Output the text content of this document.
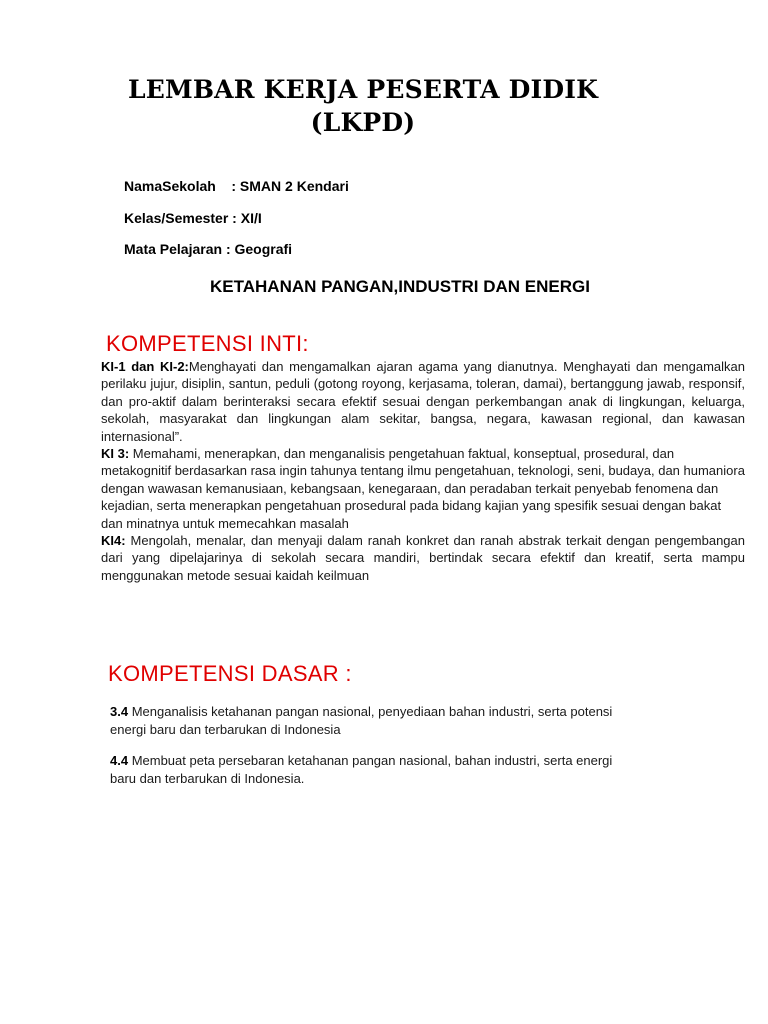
LEMBAR KERJA PESERTA DIDIK
(LKPD)
NamaSekolah    : SMAN 2 Kendari
Kelas/Semester : XI/I
Mata Pelajaran : Geografi
KETAHANAN PANGAN,INDUSTRI DAN ENERGI
KOMPETENSI INTI:

KI-1 dan KI-2:Menghayati dan mengamalkan ajaran agama yang dianutnya. Menghayati dan mengamalkan perilaku jujur, disiplin, santun, peduli (gotong royong, kerjasama, toleran, damai), bertanggung jawab, responsif, dan pro-aktif dalam berinteraksi secara efektif sesuai dengan perkembangan anak di lingkungan, keluarga, sekolah, masyarakat dan lingkungan alam sekitar, bangsa, negara, kawasan regional, dan kawasan internasional”.

KI 3: Memahami, menerapkan, dan menganalisis pengetahuan faktual, konseptual, prosedural, dan metakognitif berdasarkan rasa ingin tahunya tentang ilmu pengetahuan, teknologi, seni, budaya, dan humaniora dengan wawasan kemanusiaan, kebangsaan, kenegaraan, dan peradaban terkait penyebab fenomena dan kejadian, serta menerapkan pengetahuan prosedural pada bidang kajian yang spesifik sesuai dengan bakat dan minatnya untuk memecahkan masalah

KI4: Mengolah, menalar, dan menyaji dalam ranah konkret dan ranah abstrak terkait dengan pengembangan dari yang dipelajarinya di sekolah secara mandiri, bertindak secara efektif dan kreatif, serta mampu menggunakan metode sesuai kaidah keilmuan

KOMPETENSI DASAR :

3.4 Menganalisis ketahanan pangan nasional, penyediaan bahan industri, serta potensi energi baru dan terbarukan di Indonesia

4.4 Membuat peta persebaran ketahanan pangan nasional, bahan industri, serta energi baru dan terbarukan di Indonesia.
